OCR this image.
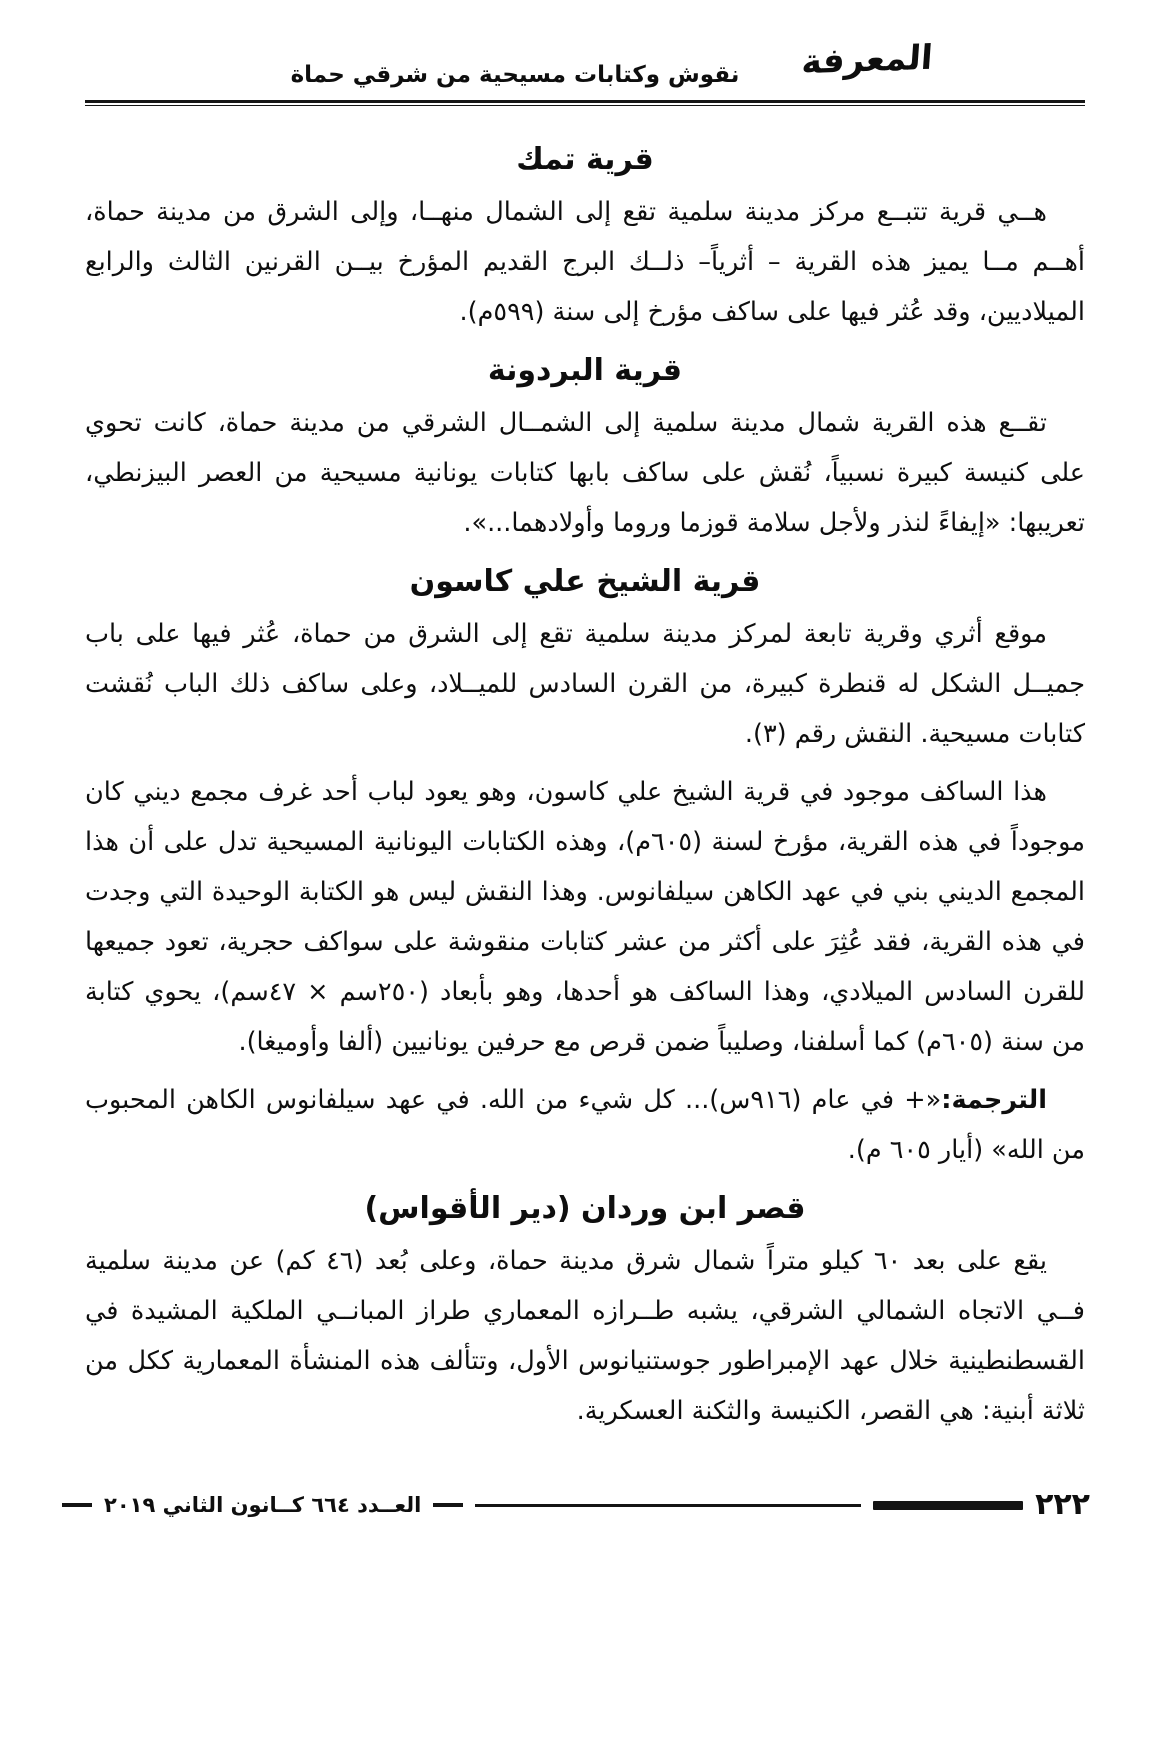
نقوش وكتابات مسيحية من شرقي حماة المعرفة
قرية تمك

هــي قرية تتبــع مركز مدينة سلمية تقع إلى الشمال منهــا، وإلى الشرق من مدينة حماة، أهــم مــا يميز هذه القرية – أثرياً– ذلــك البرج القديم المؤرخ بيــن القرنين الثالث والرابع الميلاديين، وقد عُثر فيها على ساكف مؤرخ إلى سنة (٥٩٩م).

قرية البردونة

تقــع هذه القرية شمال مدينة سلمية إلى الشمــال الشرقي من مدينة حماة، كانت تحوي على كنيسة كبيرة نسبياً، نُقش على ساكف بابها كتابات يونانية مسيحية من العصر البيزنطي، تعريبها: «إيفاءً لنذر ولأجل سلامة قوزما وروما وأولادهما...».

قرية الشيخ علي كاسون

موقع أثري وقرية تابعة لمركز مدينة سلمية تقع إلى الشرق من حماة، عُثر فيها على باب جميــل الشكل له قنطرة كبيرة، من القرن السادس للميــلاد، وعلى ساكف ذلك الباب نُقشت كتابات مسيحية. النقش رقم (٣).

هذا الساكف موجود في قرية الشيخ علي كاسون، وهو يعود لباب أحد غرف مجمع ديني كان موجوداً في هذه القرية، مؤرخ لسنة (٦٠٥م)، وهذه الكتابات اليونانية المسيحية تدل على أن هذا المجمع الديني بني في عهد الكاهن سيلفانوس. وهذا النقش ليس هو الكتابة الوحيدة التي وجدت في هذه القرية، فقد عُثِرَ على أكثر من عشر كتابات منقوشة على سواكف حجرية، تعود جميعها للقرن السادس الميلادي، وهذا الساكف هو أحدها، وهو بأبعاد (٢٥٠سم × ٤٧سم)، يحوي كتابة من سنة (٦٠٥م) كما أسلفنا، وصليباً ضمن قرص مع حرفين يونانيين (ألفا وأوميغا).

الترجمة:«+ في عام (٩١٦س)... كل شيء من الله. في عهد سيلفانوس الكاهن المحبوب من الله» (أيار ٦٠٥ م).

قصر ابن وردان (دير الأقواس)

يقع على بعد ٦٠ كيلو متراً شمال شرق مدينة حماة، وعلى بُعد (٤٦ كم) عن مدينة سلمية فــي الاتجاه الشمالي الشرقي، يشبه طــرازه المعماري طراز المبانــي الملكية المشيدة في القسطنطينية خلال عهد الإمبراطور جوستنيانوس الأول، وتتألف هذه المنشأة المعمارية ككل من ثلاثة أبنية: هي القصر، الكنيسة والثكنة العسكرية.

٢٢٢
العــدد ٦٦٤ كــانون الثاني ٢٠١٩
